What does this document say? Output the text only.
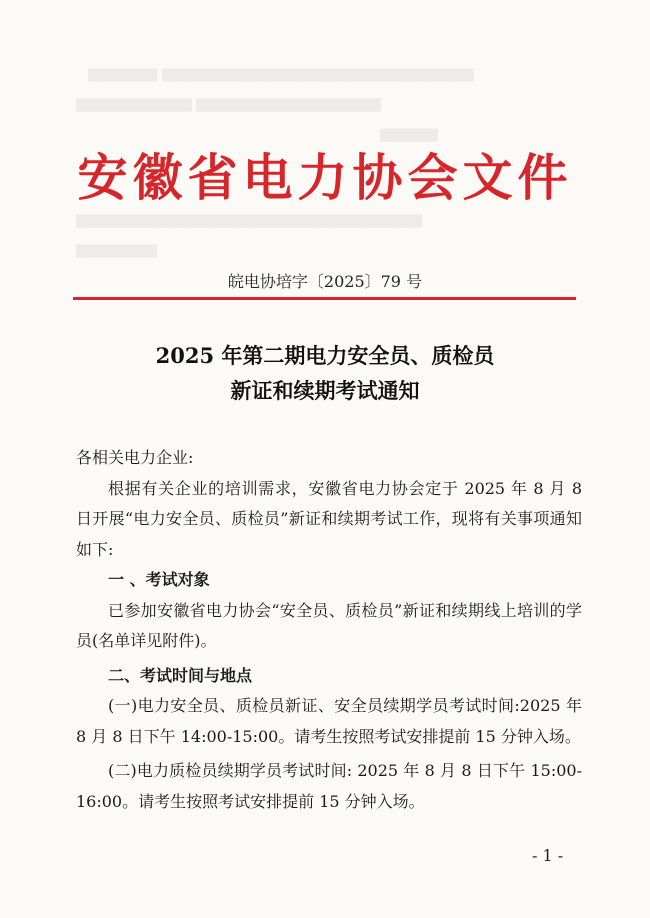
▆▆▆▆▆▆ ▆▆▆▆▆▆▆▆▆▆▆▆▆▆▆▆▆▆▆▆▆▆▆▆▆▆▆
▆▆▆▆▆▆▆▆▆▆ ▆▆▆▆▆▆▆▆▆▆▆▆▆▆▆▆
▆▆▆▆▆
▆▆▆▆▆▆▆▆▆▆▆▆▆▆▆▆▆▆▆▆▆▆▆▆▆▆▆▆▆▆
▆▆▆▆▆▆▆
安徽省电力协会文件
皖电协培字〔2025〕79 号
2025 年第二期电力安全员、质检员
新证和续期考试通知

各相关电力企业:

根据有关企业的培训需求，安徽省电力协会定于 2025 年 8 月 8 日开展“电力安全员、质检员”新证和续期考试工作，现将有关事项通知如下:

一 、考试对象

已参加安徽省电力协会“安全员、质检员”新证和续期线上培训的学员(名单详见附件)。

二、考试时间与地点

(一)电力安全员、质检员新证、安全员续期学员考试时间:2025 年 8 月 8 日下午 14:00-15:00。请考生按照考试安排提前 15 分钟入场。

(二)电力质检员续期学员考试时间: 2025 年 8 月 8 日下午 15:00-16:00。请考生按照考试安排提前 15 分钟入场。

- 1 -
